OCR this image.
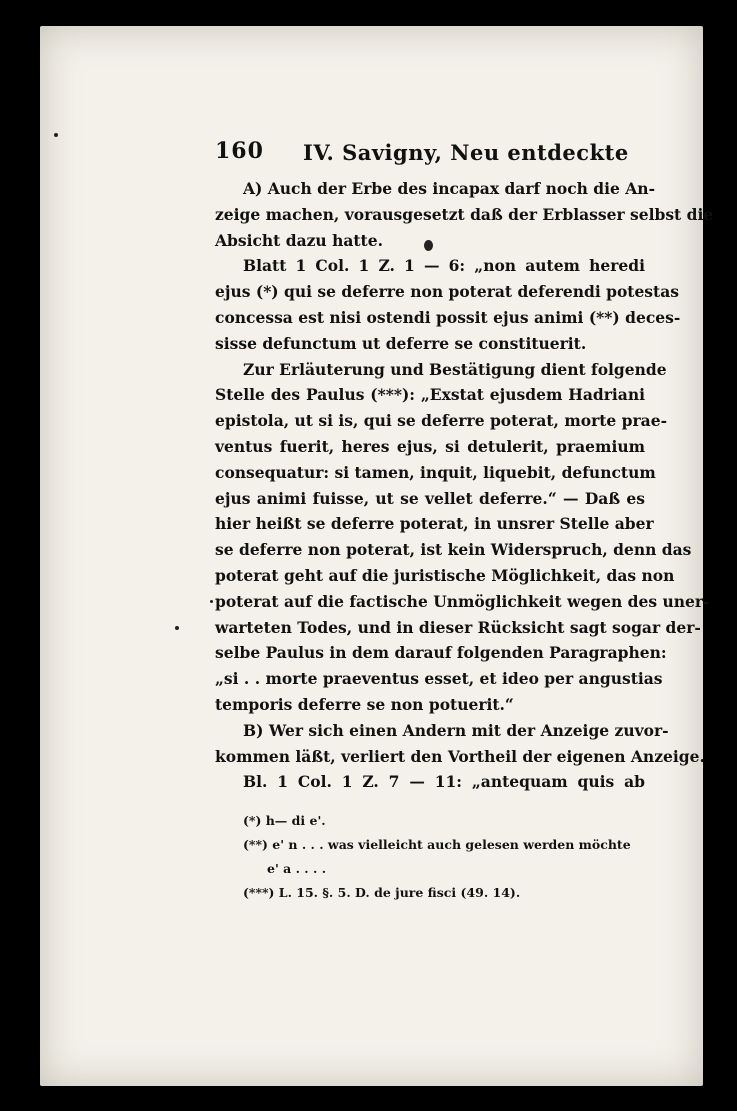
160 IV. Savigny, Neu entdeckte
A) Auch der Erbe des incapax darf noch die An-
zeige machen, vorausgesetzt daß der Erblasser selbst die
Absicht dazu hatte.
Blatt 1 Col. 1 Z. 1 — 6: „non autem heredi
ejus (*) qui se deferre non poterat deferendi potestas
concessa est nisi ostendi possit ejus animi (**) deces-
sisse defunctum ut deferre se constituerit.
Zur Erläuterung und Bestätigung dient folgende
Stelle des Paulus (***): „Exstat ejusdem Hadriani
epistola, ut si is, qui se deferre poterat, morte prae-
ventus fuerit, heres ejus, si detulerit, praemium
consequatur: si tamen, inquit, liquebit, defunctum
ejus animi fuisse, ut se vellet deferre.“ — Daß es
hier heißt se deferre poterat, in unsrer Stelle aber
se deferre non poterat, ist kein Widerspruch, denn das
poterat geht auf die juristische Möglichkeit, das non
poterat auf die factische Unmöglichkeit wegen des uner-
warteten Todes, und in dieser Rücksicht sagt sogar der-
selbe Paulus in dem darauf folgenden Paragraphen:
„si . . morte praeventus esset, et ideo per angustias
temporis deferre se non potuerit.“
B) Wer sich einen Andern mit der Anzeige zuvor-
kommen läßt, verliert den Vortheil der eigenen Anzeige.
Bl. 1 Col. 1 Z. 7 — 11: „antequam quis ab
(*) h— di e'.
(**) e' n . . . was vielleicht auch gelesen werden möchte
e' a . . . .
(***) L. 15. §. 5. D. de jure fisci (49. 14).
